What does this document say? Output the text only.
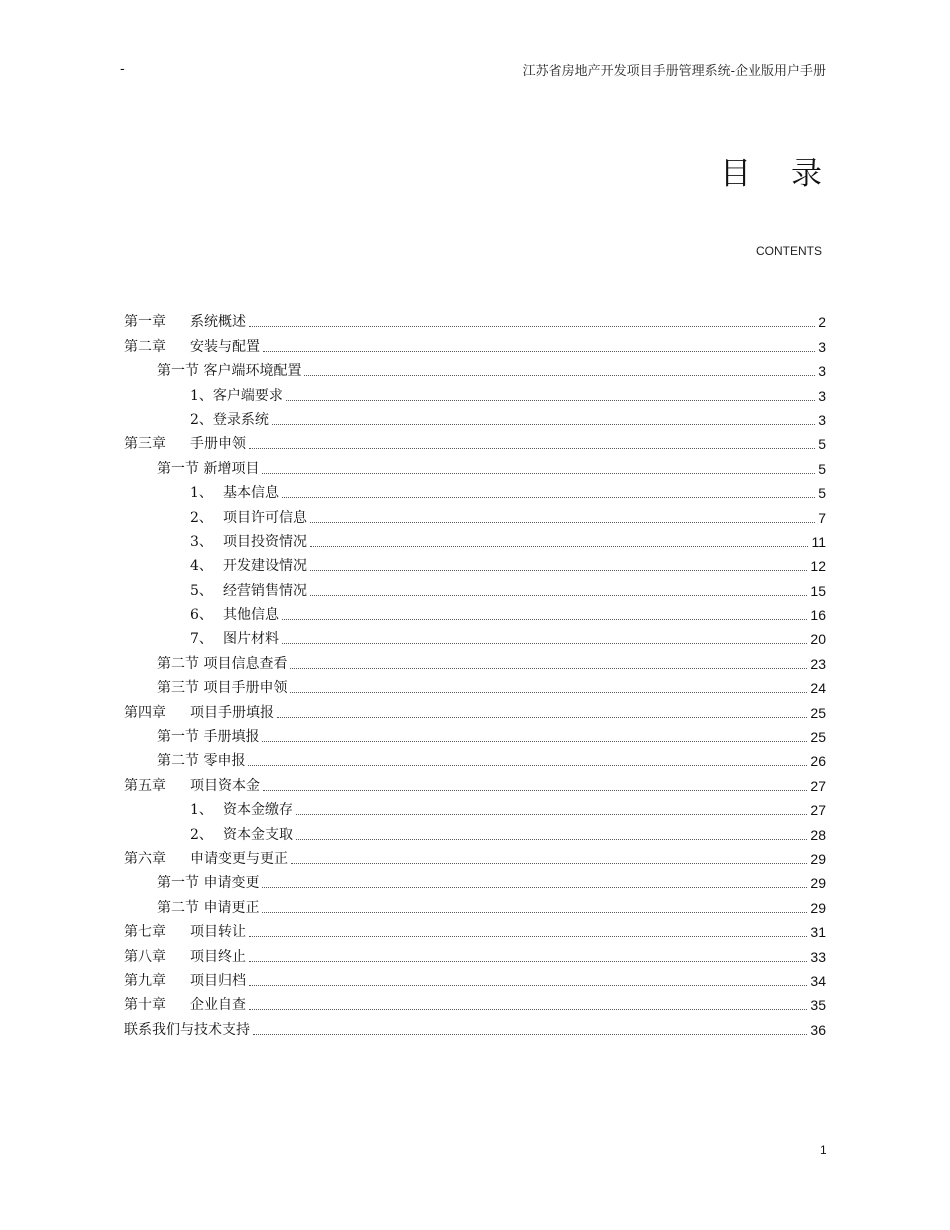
-	江苏省房地产开发项目手册管理系统-企业版用户手册
目 录
CONTENTS
第一章 系统概述	2
第二章 安装与配置	3
第一节 客户端环境配置	3
1、客户端要求	3
2、登录系统	3
第三章 手册申领	5
第一节 新增项目	5
1、 基本信息	5
2、 项目许可信息	7
3、 项目投资情况	11
4、 开发建设情况	12
5、 经营销售情况	15
6、 其他信息	16
7、 图片材料	20
第二节 项目信息查看	23
第三节 项目手册申领	24
第四章 项目手册填报	25
第一节 手册填报	25
第二节 零申报	26
第五章 项目资本金	27
1、 资本金缴存	27
2、 资本金支取	28
第六章 申请变更与更正	29
第一节 申请变更	29
第二节 申请更正	29
第七章 项目转让	31
第八章 项目终止	33
第九章 项目归档	34
第十章 企业自查	35
联系我们与技术支持	36
1
